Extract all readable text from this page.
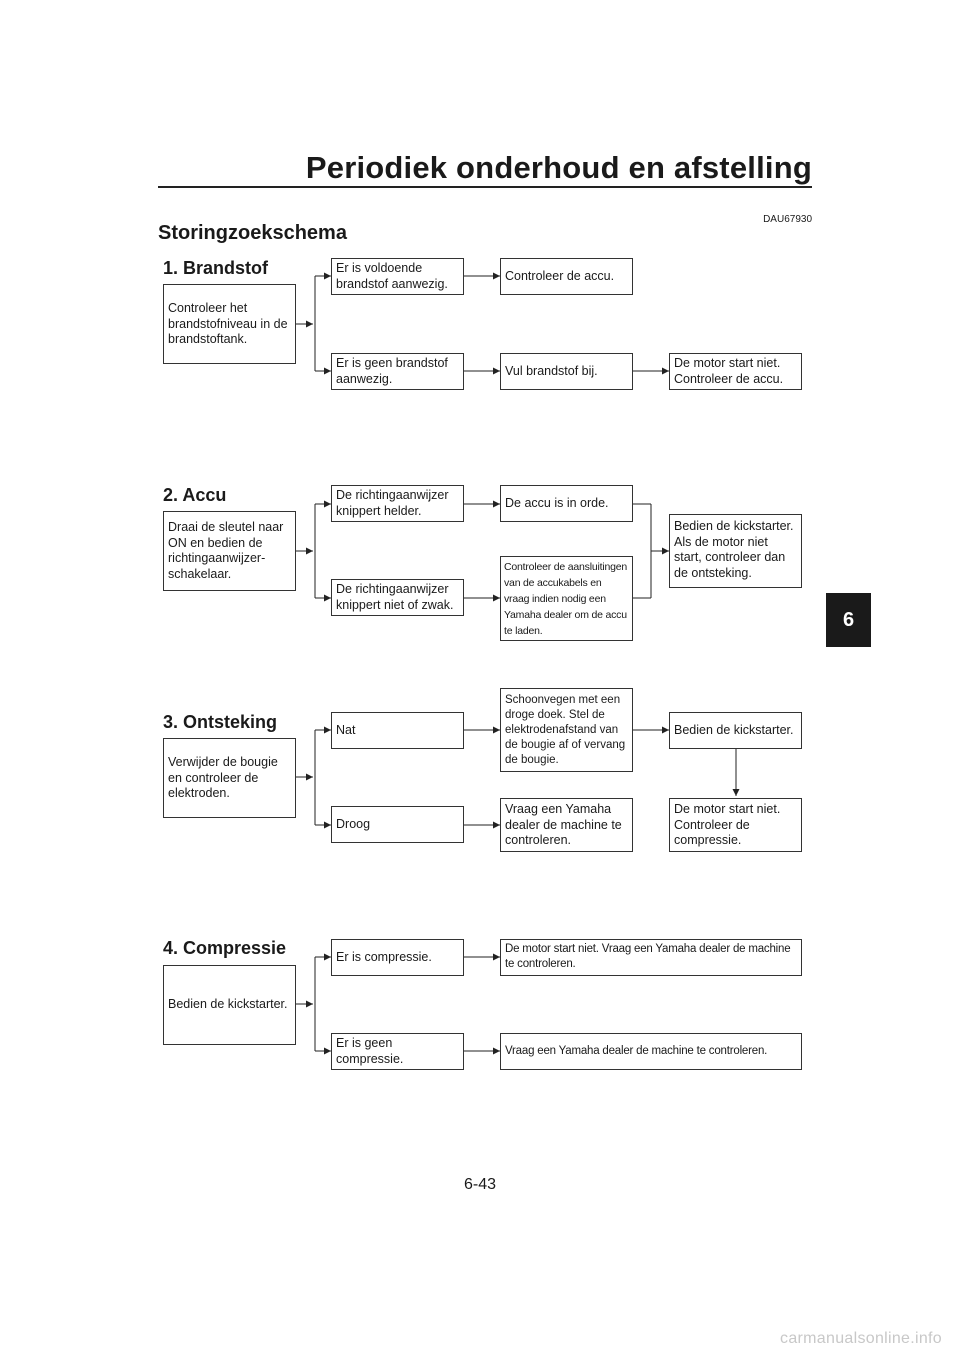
Periodiek onderhoud en afstelling
DAU67930
Storingzoekschema
6
1. Brandstof
Controleer het brandstofniveau in de brandstoftank.
Er is voldoende brandstof aanwezig.
Controleer de accu.
Er is geen brandstof aanwezig.
Vul brandstof bij.
De motor start niet. Controleer de accu.
2. Accu
Draai de sleutel naar ON en bedien de richtingaanwijzer-schakelaar.
De richtingaanwijzer knippert helder.
De accu is in orde.
De richtingaanwijzer knippert niet of zwak.
Controleer de aansluitingen van de accukabels en vraag indien nodig een Yamaha dealer om de accu te laden.
Bedien de kickstarter. Als de motor niet start, controleer dan de ontsteking.
3. Ontsteking
Verwijder de bougie en controleer de elektroden.
Nat
Schoonvegen met een droge doek. Stel de elektrodenafstand van de bougie af of vervang de bougie.
Bedien de kickstarter.
De motor start niet. Controleer de compressie.
Droog
Vraag een Yamaha dealer de machine te controleren.
4. Compressie
Bedien de kickstarter.
Er is compressie.
De motor start niet. Vraag een Yamaha dealer de machine te controleren.
Er is geen compressie.
Vraag een Yamaha dealer de machine te controleren.
6-43
carmanualsonline.info
